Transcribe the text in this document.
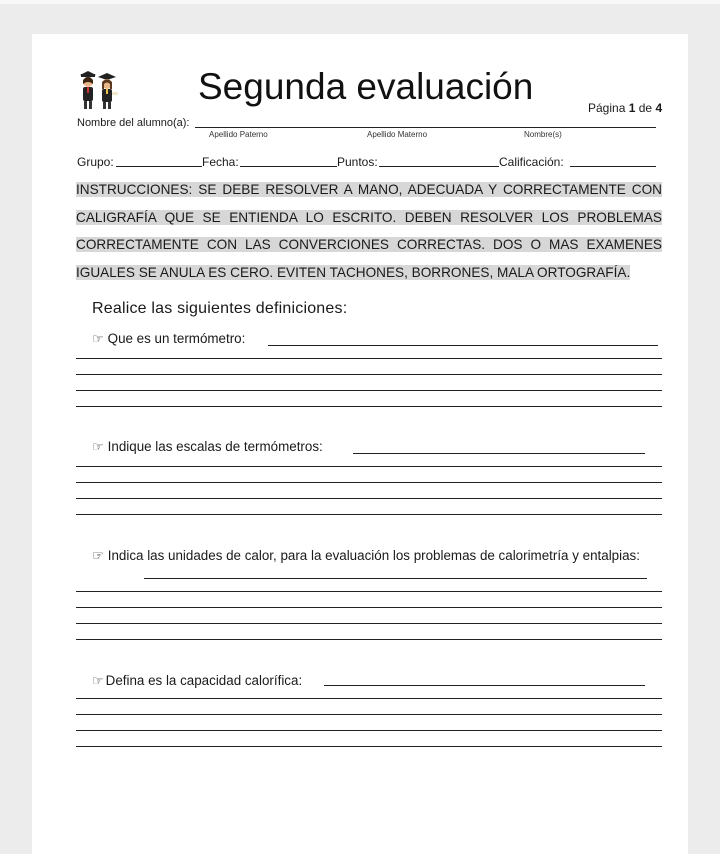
Segunda evaluación
Página 1 de 4
Nombre del alumno(a):
Apellido Paterno	Apellido Materno	Nombre(s)
Grupo:	Fecha:	Puntos:	Calificación:
INSTRUCCIONES: SE DEBE RESOLVER A MANO, ADECUADA Y CORRECTAMENTE CON CALIGRAFÍA QUE SE ENTIENDA LO ESCRITO. DEBEN RESOLVER LOS PROBLEMAS CORRECTAMENTE CON LAS CONVERCIONES CORRECTAS. DOS O MAS EXAMENES IGUALES SE ANULA ES CERO. EVITEN TACHONES, BORRONES, MALA ORTOGRAFÍA.
Realice las siguientes definiciones:
☞ Que es un termómetro:
☞ Indique las escalas de termómetros:
☞ Indica las unidades de calor, para la evaluación los problemas de calorimetría y entalpias:
☞ Defina es la capacidad calorífica:
